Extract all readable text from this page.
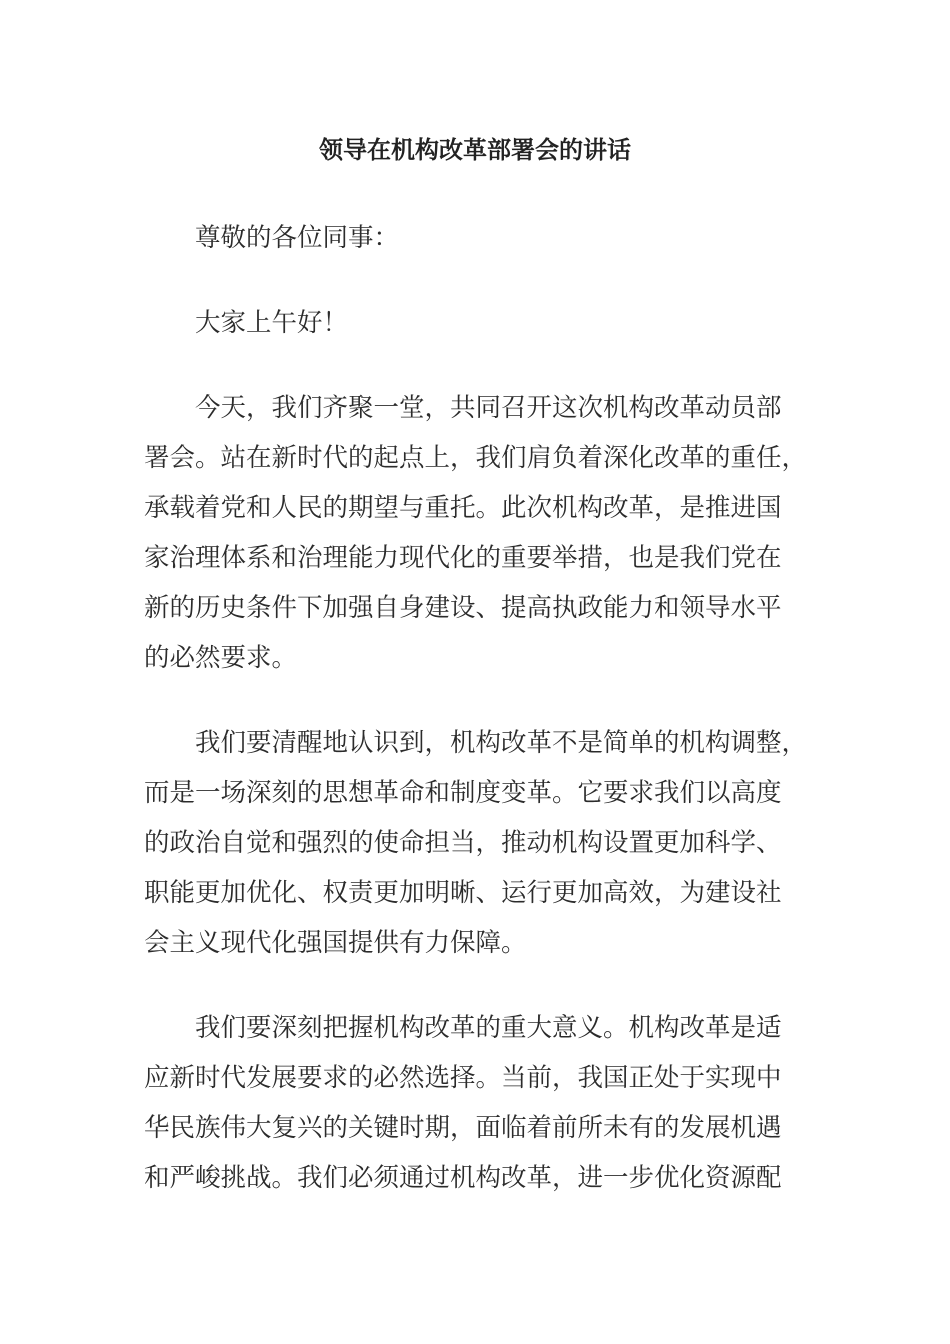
领导在机构改革部署会的讲话

尊敬的各位同事：

大家上午好！

今天，我们齐聚一堂，共同召开这次机构改革动员部
署会。站在新时代的起点上，我们肩负着深化改革的重任，
承载着党和人民的期望与重托。此次机构改革，是推进国
家治理体系和治理能力现代化的重要举措，也是我们党在
新的历史条件下加强自身建设、提高执政能力和领导水平
的必然要求。

我们要清醒地认识到，机构改革不是简单的机构调整，
而是一场深刻的思想革命和制度变革。它要求我们以高度
的政治自觉和强烈的使命担当，推动机构设置更加科学、
职能更加优化、权责更加明晰、运行更加高效，为建设社
会主义现代化强国提供有力保障。

我们要深刻把握机构改革的重大意义。机构改革是适
应新时代发展要求的必然选择。当前，我国正处于实现中
华民族伟大复兴的关键时期，面临着前所未有的发展机遇
和严峻挑战。我们必须通过机构改革，进一步优化资源配
